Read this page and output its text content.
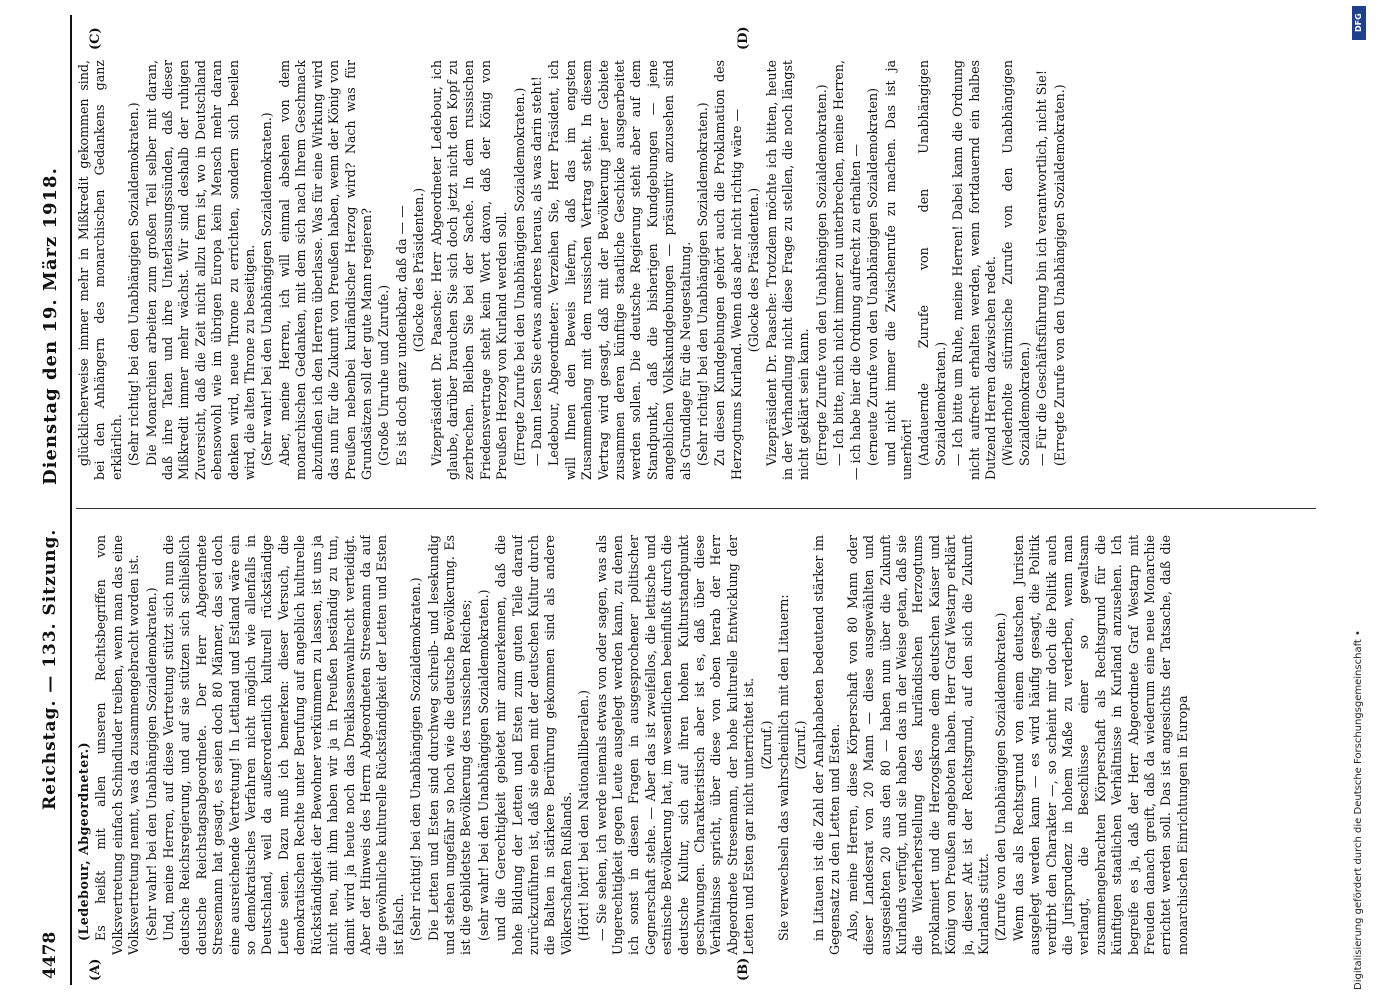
4478
Reichstag. — 133. Sitzung.
Dienstag den 19. März 1918.
(A)	(B)
(C)	(D)

(Ledebour, Abgeordneter.) Es heißt mit allen unseren Rechtsbegriffen von Volksvertretung einfach Schindluder treiben, wenn man das eine Volksvertretung nennt, was da zusammengebracht worden ist. (Sehr wahr! bei den Unabhängigen Sozialdemokraten.) Und, meine Herren, auf diese Vertretung stützt sich nun die deutsche Reichsregierung, und auf sie stützen sich schließlich deutsche Reichstagsabgeordnete. Der Herr Abgeordnete Stresemann hat gesagt, es seien doch 80 Männer, das sei doch eine ausreichende Vertretung! In Lettland und Estland wäre ein so demokratisches Verfahren nicht möglich wie allenfalls in Deutschland, weil da außerordentlich kulturell rückständige Leute seien. Dazu muß ich bemerken: dieser Versuch, die demokratischen Rechte unter Berufung auf angeblich kulturelle Rückständigkeit der Bewohner verkümmern zu lassen, ist uns ja nicht neu, mit ihm haben wir ja in Preußen beständig zu tun, damit wird ja heute noch das Dreiklassenwahlrecht verteidigt. Aber der Hinweis des Herrn Abgeordneten Stresemann da auf die gewöhnliche kulturelle Rückständigkeit der Letten und Esten ist falsch. (Sehr richtig! bei den Unabhängigen Sozialdemokraten.) Die Letten und Esten sind durchweg schreib- und lesekundig und stehen ungefähr so hoch wie die deutsche Bevölkerung. Es ist die gebildetste Bevölkerung des russischen Reiches; (sehr wahr! bei den Unabhängigen Sozialdemokraten.) und die Gerechtigkeit gebietet mir anzuerkennen, daß die hohe Bildung der Letten und Esten zum guten Teile darauf zurückzuführen ist, daß sie eben mit der deutschen Kultur durch die Balten in stärkere Berührung gekommen sind als andere Völkerschaften Rußlands. (Hört! hört! bei den Nationalliberalen.) — Sie sehen, ich werde niemals etwas von oder sagen, was als Ungerechtigkeit gegen Leute ausgelegt werden kann, zu denen ich sonst in diesen Fragen in ausgesprochener politischer Gegnerschaft stehe. — Aber das ist zweifellos, die lettische und estnische Bevölkerung hat, im wesentlichen beeinflußt durch die deutsche Kultur, sich auf ihren hohen Kulturstandpunkt geschwungen. Charakteristisch aber ist es, daß über diese Verhältnisse spricht, über diese von oben herab der Herr Abgeordnete Stresemann, der hohe kulturelle Entwicklung der Letten und Esten gar nicht unterrichtet ist. (Zuruf.) Sie verwechseln das wahrscheinlich mit den Litauern: (Zuruf.) in Litauen ist die Zahl der Analphabeten bedeutend stärker im Gegensatz zu den Letten und Esten. Also, meine Herren, diese Körperschaft von 80 Mann oder dieser Landesrat von 20 Mann — diese ausgewählten und ausgesiebten 20 aus den 80 — haben nun über die Zukunft Kurlands verfügt, und sie haben das in der Weise getan, daß sie die Wiederherstellung des kurländischen Herzogtums proklamiert und die Herzogskrone dem deutschen Kaiser und König von Preußen angeboten haben. Herr Graf Westarp erklärt ja, dieser Akt ist der Rechtsgrund, auf den sich die Zukunft Kurlands stützt. (Zurufe von den Unabhängigen Sozialdemokraten.) Wenn das als Rechtsgrund von einem deutschen Juristen ausgelegt werden kann — es wird häufig gesagt, die Politik verdirbt den Charakter —, so scheint mir doch die Politik auch die Jurisprudenz in hohem Maße zu verderben, wenn man verlangt, die Beschlüsse einer so gewaltsam zusammengebrachten Körperschaft als Rechtsgrund für die künftigen staatlichen Verhältnisse in Kurland anzusehen. Ich begreife es ja, daß der Herr Abgeordnete Graf Westarp mit Freuden danach greift, daß da wiederum eine neue Monarchie errichtet werden soll. Das ist angesichts der Tatsache, daß die monarchischen Einrichtungen in Europa

glücklicherweise immer mehr in Mißkredit gekommen sind, bei den Anhängern des monarchischen Gedankens ganz erklärlich. (Sehr richtig! bei den Unabhängigen Sozialdemokraten.) Die Monarchien arbeiten zum großen Teil selber mit daran, daß ihre Taten und ihre Unterlassungssünden, daß dieser Mißkredit immer mehr wächst. Wir sind deshalb der ruhigen Zuversicht, daß die Zeit nicht allzu fern ist, wo in Deutschland ebensowohl wie im übrigen Europa kein Mensch mehr daran denken wird, neue Throne zu errichten, sondern sich beeilen wird, die alten Throne zu beseitigen. (Sehr wahr! bei den Unabhängigen Sozialdemokraten.) Aber, meine Herren, ich will einmal absehen von dem monarchischen Gedanken, mit dem sich nach Ihrem Geschmack abzufinden ich den Herren überlasse. Was für eine Wirkung wird das nun für die Zukunft von Preußen haben, wenn der König von Preußen nebenbei kurländischer Herzog wird? Nach was für Grundsätzen soll der gute Mann regieren? (Große Unruhe und Zurufe.) Es ist doch ganz undenkbar, daß da — — (Glocke des Präsidenten.) Vizepräsident Dr. Paasche: Herr Abgeordneter Ledebour, ich glaube, darüber brauchen Sie sich doch jetzt nicht den Kopf zu zerbrechen. Bleiben Sie bei der Sache. In dem russischen Friedensvertrage steht kein Wort davon, daß der König von Preußen Herzog von Kurland werden soll. (Erregte Zurufe bei den Unabhängigen Sozialdemokraten.) — Dann lesen Sie etwas anderes heraus, als was darin steht! Ledebour, Abgeordneter: Verzeihen Sie, Herr Präsident, ich will Ihnen den Beweis liefern, daß das im engsten Zusammenhang mit dem russischen Vertrag steht. In diesem Vertrag wird gesagt, daß mit der Bevölkerung jener Gebiete zusammen deren künftige staatliche Geschicke ausgearbeitet werden sollen. Die deutsche Regierung steht aber auf dem Standpunkt, daß die bisherigen Kundgebungen — jene angeblichen Volkskundgebungen — präsumtiv anzusehen sind als Grundlage für die Neugestaltung. (Sehr richtig! bei den Unabhängigen Sozialdemokraten.) Zu diesen Kundgebungen gehört auch die Proklamation des Herzogtums Kurland. Wenn das aber nicht richtig wäre — (Glocke des Präsidenten.) Vizepräsident Dr. Paasche: Trotzdem möchte ich bitten, heute in der Verhandlung nicht diese Frage zu stellen, die noch längst nicht geklärt sein kann. (Erregte Zurufe von den Unabhängigen Sozialdemokraten.) — Ich bitte, mich nicht immer zu unterbrechen, meine Herren, — ich habe hier die Ordnung aufrecht zu erhalten — (erneute Zurufe von den Unabhängigen Sozialdemokraten) und nicht immer die Zwischenrufe zu machen. Das ist ja unerhört! (Andauernde Zurufe von den Unabhängigen Sozialdemokraten.) — Ich bitte um Ruhe, meine Herren! Dabei kann die Ordnung nicht aufrecht erhalten werden, wenn fortdauernd ein halbes Dutzend Herren dazwischen redet. (Wiederholte stürmische Zurufe von den Unabhängigen Sozialdemokraten.) — Für die Geschäftsführung bin ich verantwortlich, nicht Sie! (Erregte Zurufe von den Unabhängigen Sozialdemokraten.)

DFG
Digitalisierung gefördert durch die Deutsche Forschungsgemeinschaft •
